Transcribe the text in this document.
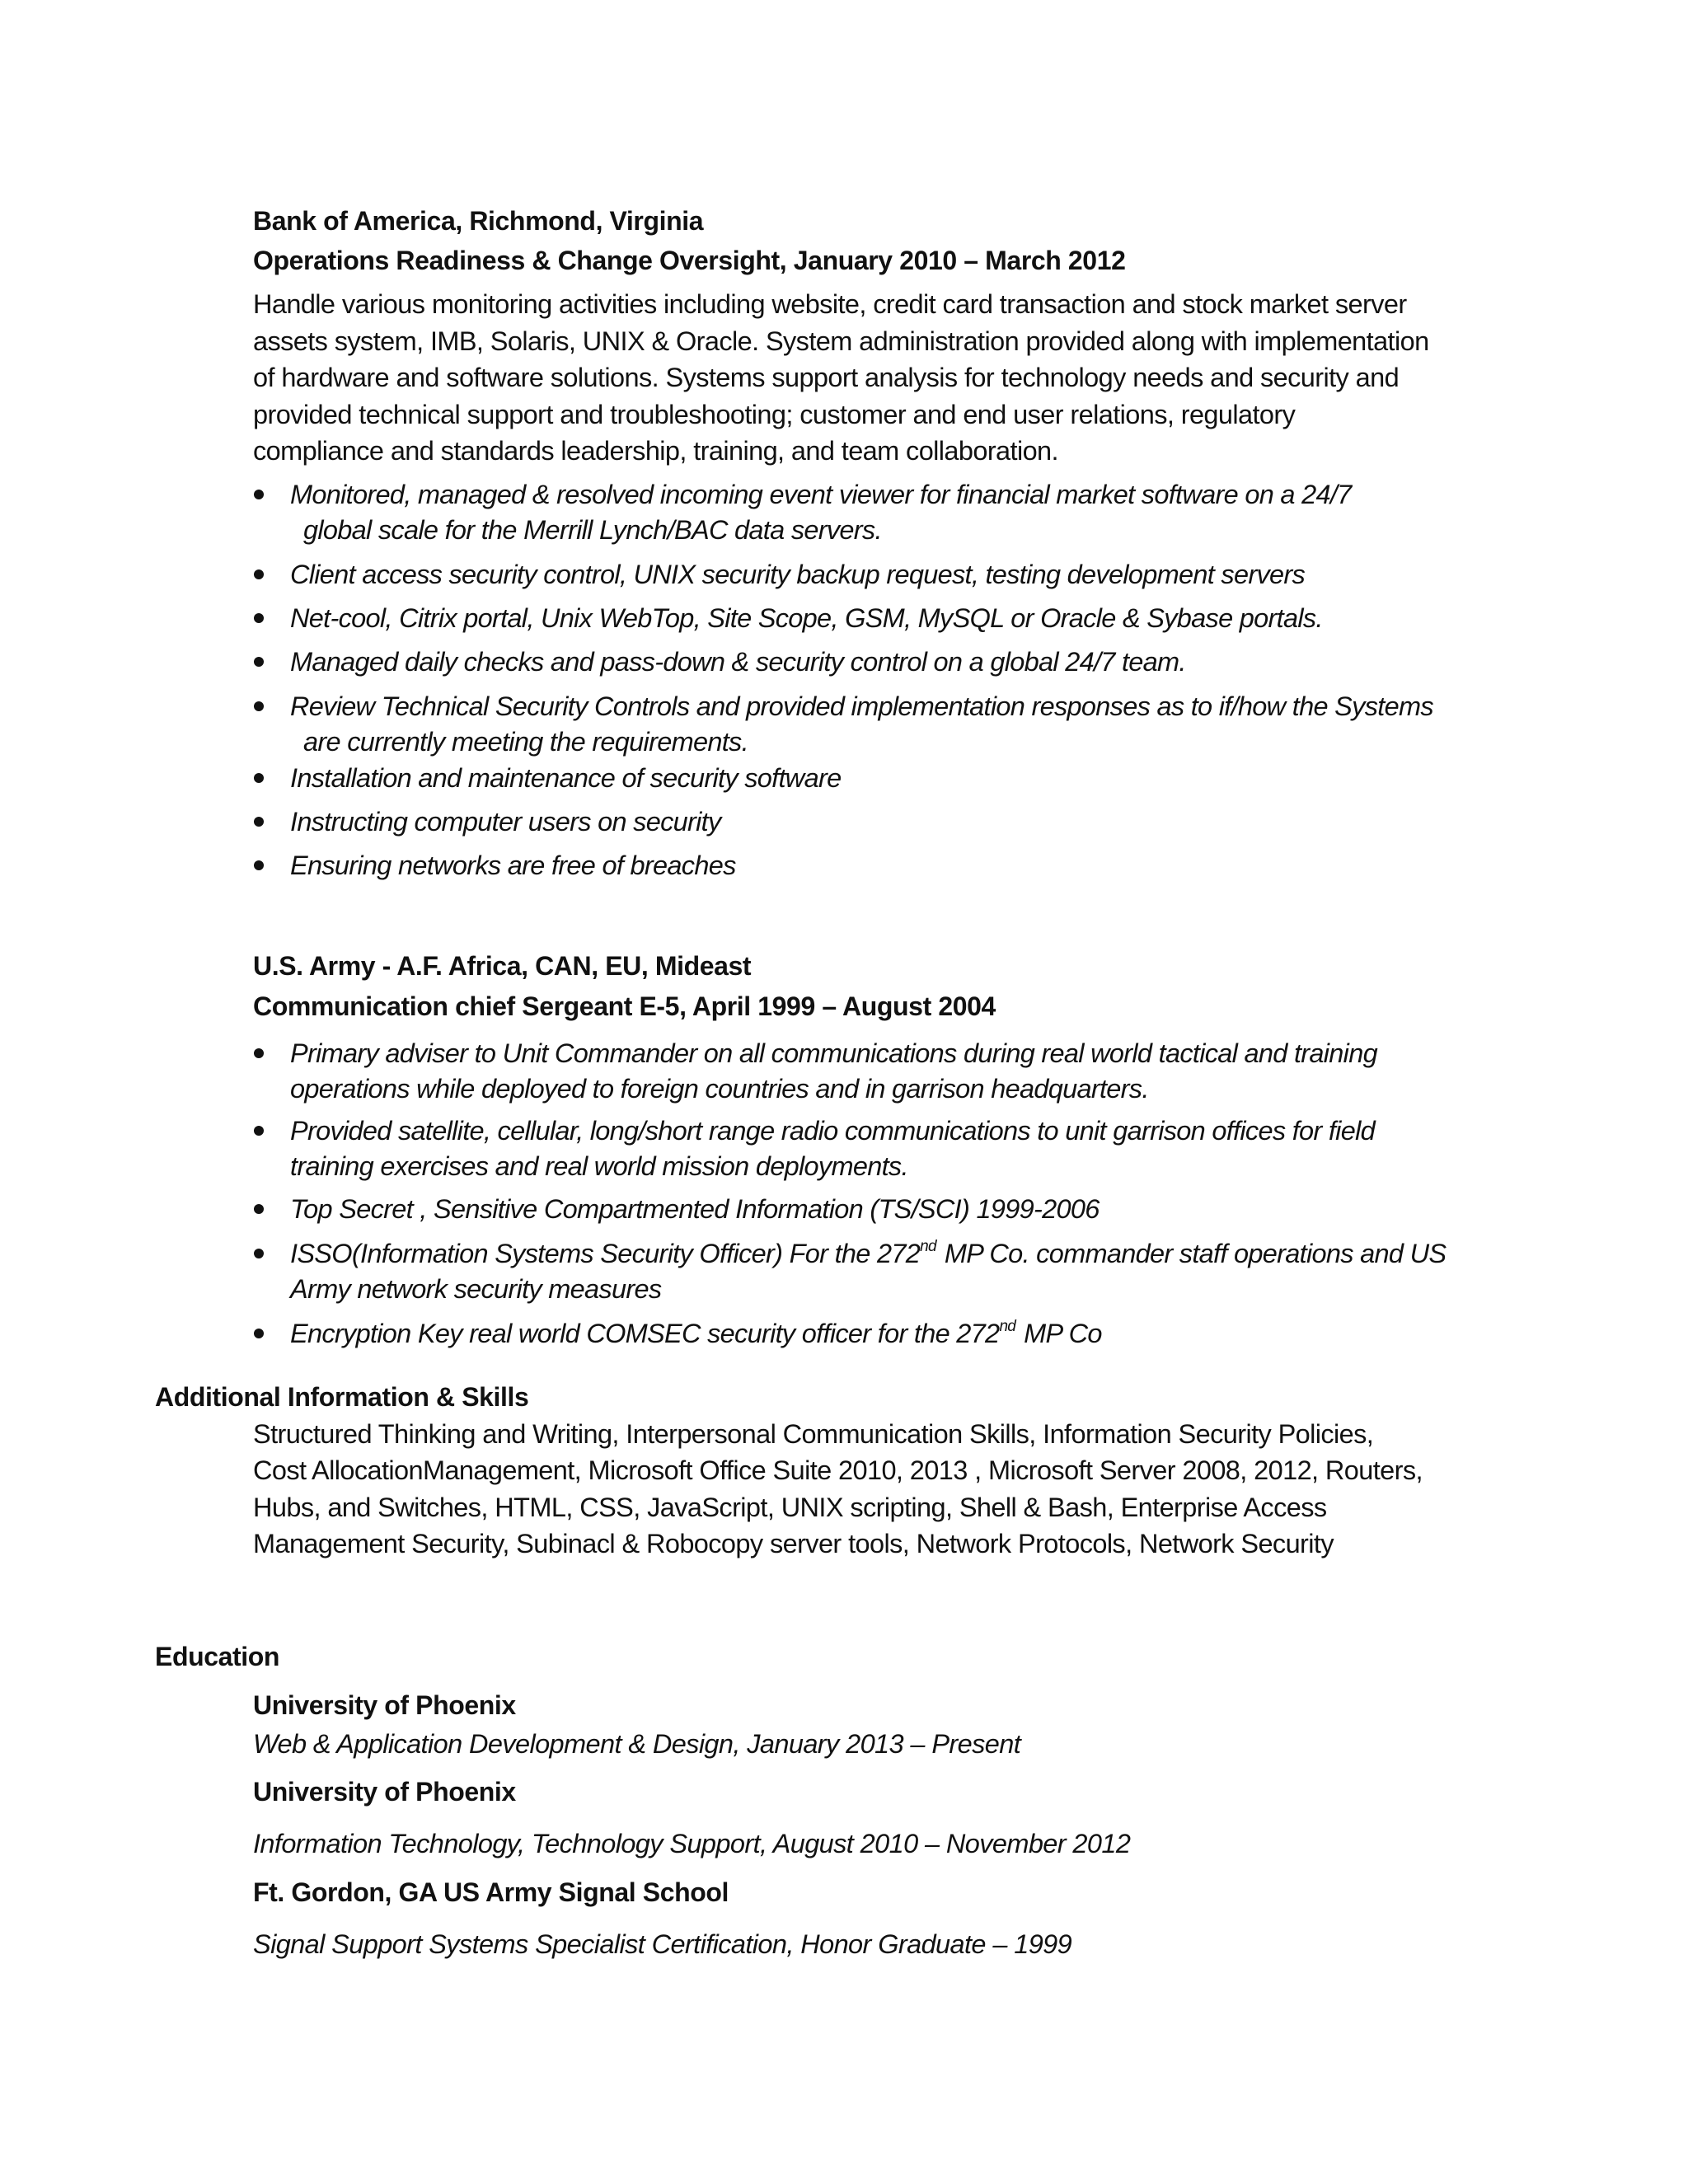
Bank of America, Richmond, Virginia
Operations Readiness & Change Oversight, January 2010 – March 2012
Handle various monitoring activities including website, credit card transaction and stock market server
assets system, IMB, Solaris, UNIX & Oracle. System administration provided along with implementation
of hardware and software solutions. Systems support analysis for technology needs and security and
provided technical support and troubleshooting; customer and end user relations, regulatory
compliance and standards leadership, training, and team collaboration.
Monitored, managed & resolved incoming event viewer for financial market software on a 24/7
global scale for the Merrill Lynch/BAC data servers.
Client access security control, UNIX security backup request, testing development servers
Net-cool, Citrix portal, Unix WebTop, Site Scope, GSM, MySQL or Oracle & Sybase portals.
Managed daily checks and pass-down & security control on a global 24/7 team.
Review Technical Security Controls and provided implementation responses as to if/how the Systems
are currently meeting the requirements.
Installation and maintenance of security software
Instructing computer users on security
Ensuring networks are free of breaches
U.S. Army - A.F. Africa, CAN, EU, Mideast
Communication chief Sergeant E-5, April 1999 – August 2004
Primary adviser to Unit Commander on all communications during real world tactical and training
operations while deployed to foreign countries and in garrison headquarters.
Provided satellite, cellular, long/short range radio communications to unit garrison offices for field
training exercises and real world mission deployments.
Top Secret , Sensitive Compartmented Information (TS/SCI) 1999-2006
ISSO(Information Systems Security Officer) For the 272nd MP Co. commander staff operations and US
Army network security measures
Encryption Key real world COMSEC security officer for the 272nd MP Co
Additional Information & Skills
Structured Thinking and Writing, Interpersonal Communication Skills, Information Security Policies,
Cost AllocationManagement, Microsoft Office Suite 2010, 2013 , Microsoft Server 2008, 2012, Routers,
Hubs, and Switches, HTML, CSS, JavaScript, UNIX scripting, Shell & Bash, Enterprise Access
Management Security, Subinacl & Robocopy server tools, Network Protocols, Network Security
Education
University of Phoenix
Web & Application Development & Design, January 2013 – Present
University of Phoenix
Information Technology, Technology Support, August 2010 – November 2012
Ft. Gordon, GA US Army Signal School
Signal Support Systems Specialist Certification, Honor Graduate – 1999
